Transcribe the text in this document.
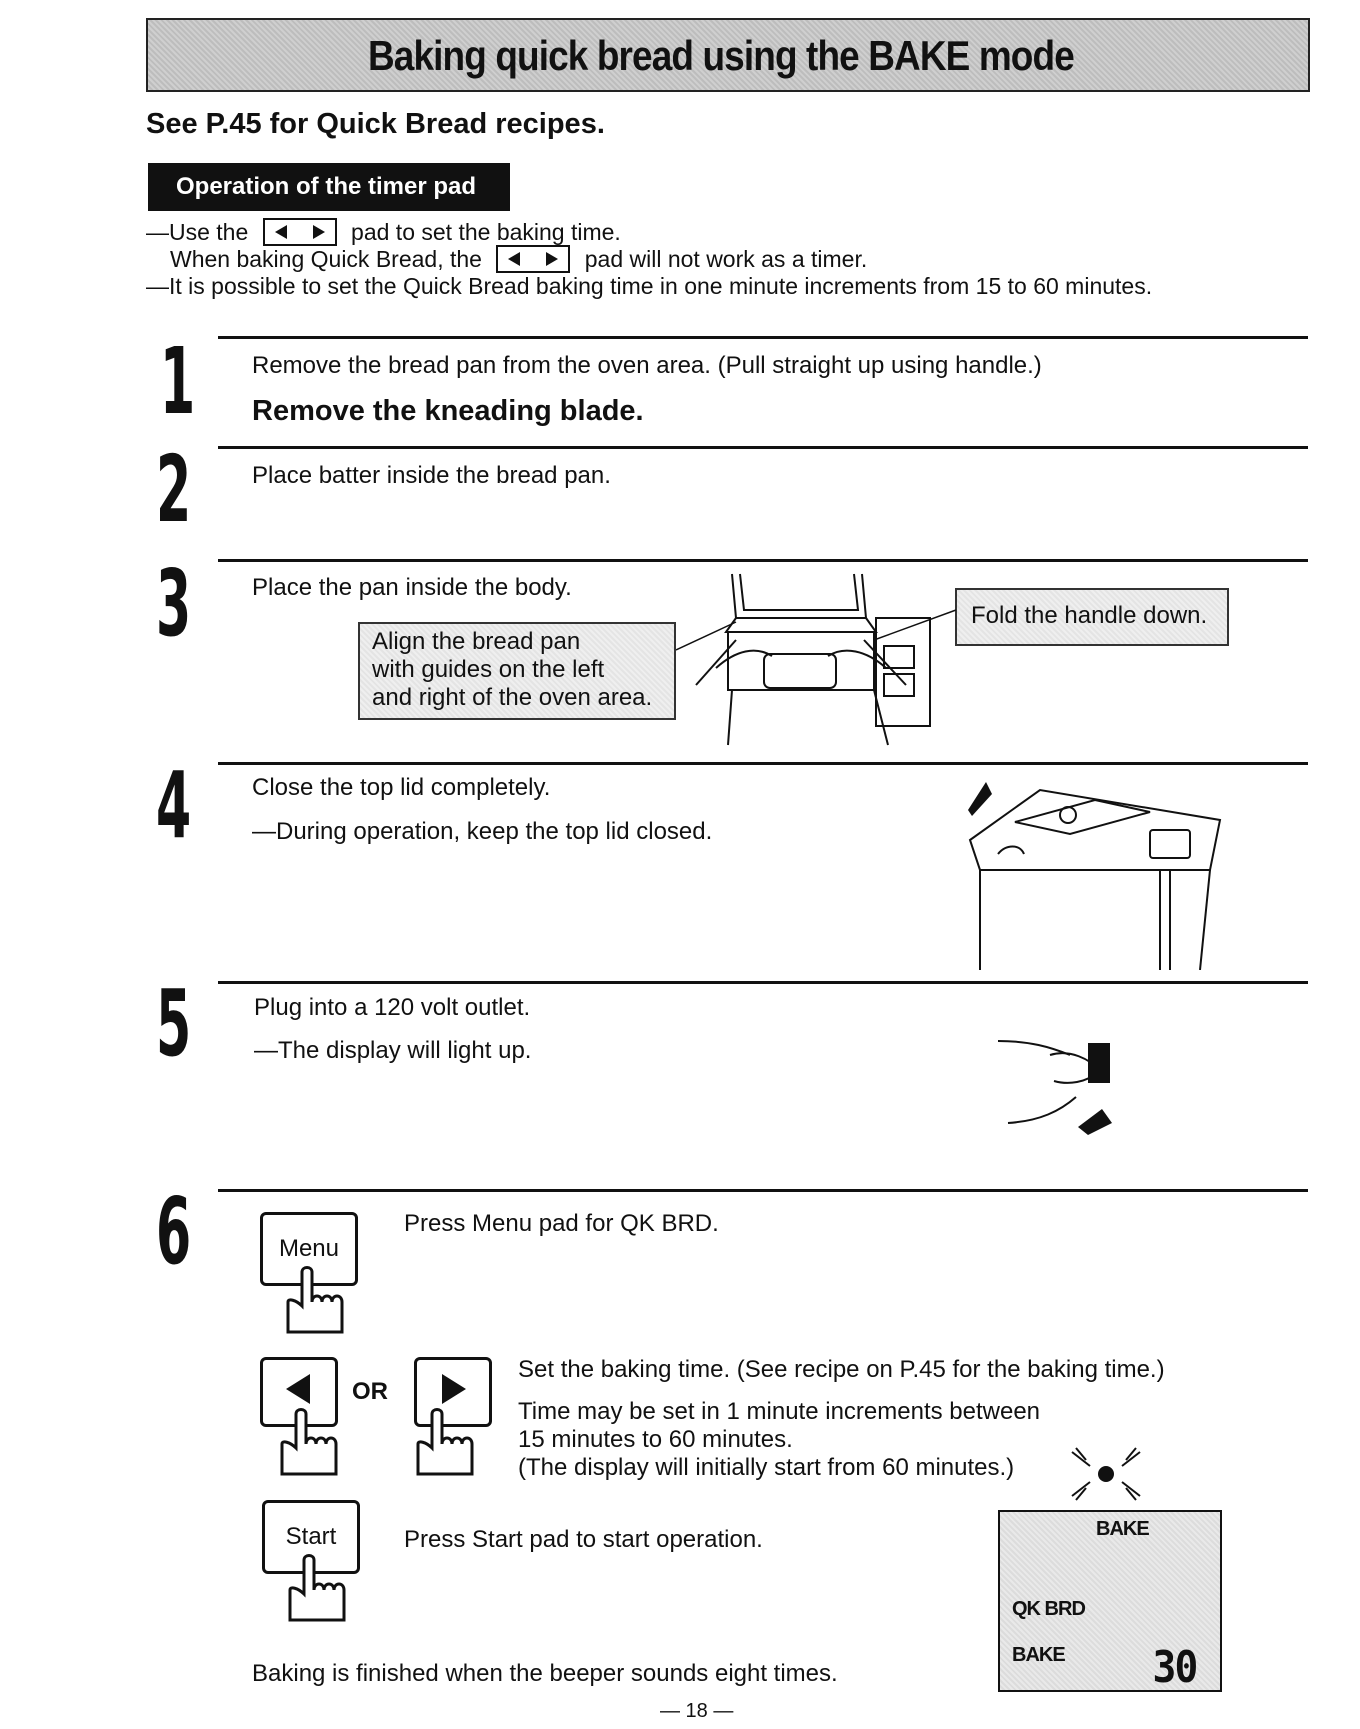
Baking quick bread using the BAKE mode
See P.45 for Quick Bread recipes.
Operation of the timer pad
—Use the	pad to set the baking time.
When baking Quick Bread, the	pad will not work as a timer.
—It is possible to set the Quick Bread baking time in one minute increments from 15 to 60 minutes.
1 Remove the bread pan from the oven area. (Pull straight up using handle.)
Remove the kneading blade.
2	Place batter inside the bread pan.
3	Place the pan inside the body.
Align the bread pan
with guides on the left
and right of the oven area.
Fold the handle down.
4	Close the top lid completely.
—During operation, keep the top lid closed.
5	Plug into a 120 volt outlet.
—The display will light up.
6	Menu
Press Menu pad for QK BRD.
OR
Set the baking time. (See recipe on P.45 for the baking time.)
Time may be set in 1 minute increments between
15 minutes to 60 minutes.
(The display will initially start from 60 minutes.)
Start	Press Start pad to start operation.
Baking is finished when the beeper sounds eight times.
BAKE
QK BRD
BAKE 30
— 18 —
